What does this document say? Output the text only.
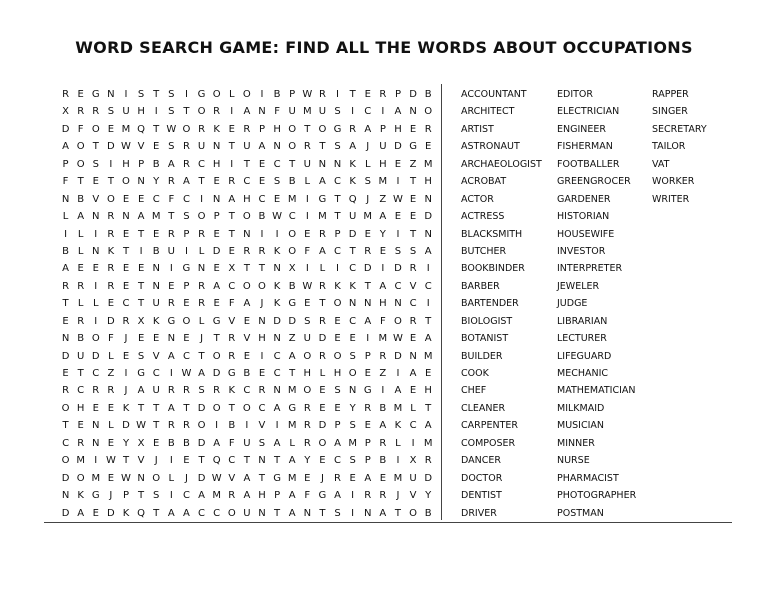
WORD SEARCH GAME: FIND ALL THE WORDS ABOUT OCCUPATIONS
R E G N I	S T S	I G O L O I	B P W R	I	T E R P D B
X R R S U H I	S T O R	I	A N F U M U S	I	C	I	A N O
D F O E M Q T W O R K E R P H O T O G R A P H E R
A O T D W V E S R U N T U A N O R T S A	J U D G E
P O S	I H P B A R C H I	T E C T U N N K L H E Z M
F T E T O N Y R A T E R C E S B L A C K S M I	T H
N B V O E E C F C	I N A H C E M I G T Q J	Z W E N
L A N R N A M T S O P T O B W C	I M T U M A E E D
I	L	I	R E T E R P R E T N I	I O E R P D E Y	I	T N
B L N K T	I	B U I	L D E R R K O F A C T R E S S A
A E E R E E N I G N E X T T N X	I	L	I	C D I D R	I
R R	I	R E T N E P R A C O O K B W R K K T A C V C
T L L E C T U R E R E F A	J	K G E T O N N H N C	I
E R	I D R X K G O L G V E N D D S R E C A F O R T
N B O F	J	E E N E	J	T R V H N Z U D E E	I M W E A
D U D L E S V A C T O R E	I	C A O R O S P R D N M
E T C Z	I G C	I W A D G B E C T H L H O E Z	I	A E
R C R R	J	A U R R S R K C R N M O E S N G I	A E H
O H E E K T T A T D O T O C A G R E E Y R B M L T
T E N L D W T R R O I	B	I	V	I M R D P S E A K C A
C R N E Y X E B B D A F U S A L R O A M P R L	I M
O M I W T V	J	I	E T Q C T N T A Y E C S P B	I	X R
D O M E W N O L	J D W V A T G M E	J	R E A E M U D
N K G J	P T S	I	C A M R A H P A F G A	I	R R	J	V Y
D A E D K Q T A A C C O U N T A N T S	I N A T O B
ACCOUNTANT
ARCHITECT
ARTIST
ASTRONAUT
ARCHAEOLOGIST
ACROBAT
ACTOR
ACTRESS
BLACKSMITH
BUTCHER
BOOKBINDER
BARBER
BARTENDER
BIOLOGIST
BOTANIST
BUILDER
COOK
CHEF
CLEANER
CARPENTER
COMPOSER
DANCER
DOCTOR
DENTIST
DRIVER
EDITOR
ELECTRICIAN
ENGINEER
FISHERMAN
FOOTBALLER
GREENGROCER
GARDENER
HISTORIAN
HOUSEWIFE
INVESTOR
INTERPRETER
JEWELER
JUDGE
LIBRARIAN
LECTURER
LIFEGUARD
MECHANIC
MATHEMATICIAN
MILKMAID
MUSICIAN
MINNER
NURSE
PHARMACIST
PHOTOGRAPHER
POSTMAN
RAPPER
SINGER
SECRETARY
TAILOR
VAT
WORKER
WRITER
